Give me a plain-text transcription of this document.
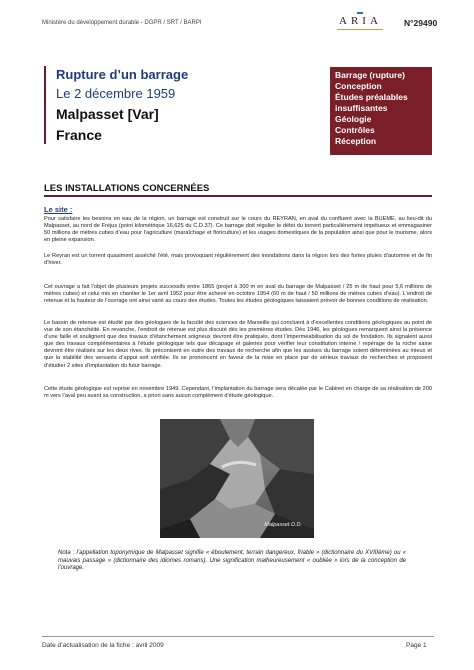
Ministère du développement durable - DGPR / SRT / BARPI	ARIA	N°29490
Rupture d’un barrage
Le 2 décembre 1959
Malpasset [Var]
France
Barrage (rupture)
Conception
Études préalables
insuffisantes
Géologie
Contrôles
Réception
LES INSTALLATIONS CONCERNÉES
Le site :

Pour satisfaire les besoins en eau de la région, un barrage est construit sur le cours du REYRAN, en aval du confluent avec la BUEME, au lieu-dit du Malpasset, au nord de Fréjus (point kilométrique 16,625 du C.D.37). Ce barrage doit régulier le débit du torrent particulièrement impétueux et emmagasiner 50 millions de mètres cubes d’eau pour l’agriculture (maraîchage et floriculture) et les usages domestiques de la population ainsi que pour le tourisme, alors en pleine expansion.

Le Reyran est un torrent quasiment asséché l’été, mais provoquant régulièrement des inondations dans la région lors des fortes pluies d’automne et de fin d’hiver.

Cet ouvrage a fait l’objet de plusieurs projets successifs entre 1865 (projet à 300 m en aval du barrage de Malpasset / 25 m de haut pour 5,6 millions de mètres cubes) et celui mis en chantier le 1er avril 1952 pour être achevé en octobre 1954 (60 m de haut / 50 millions de mètres cubes d’eau). L’endroit de retenue et la hauteur de l’ouvrage ont ainsi varié au cours des études. Toutes les études géologiques laissaient prévoir de bonnes conditions de réalisation.

Le bassin de retenue est étudié par des géologues de la faculté des sciences de Marseille qui concluent à d’excellentes conditions géologiques au point de vue de son étanchéité. En revanche, l’endroit de retenue est plus discuté dès les premières études. Dès 1946, les géologues remarquent ainsi la présence d’une faille et soulignent que des travaux d’étanchement soigneux devront être pratiqués, dont l’imperméabilisation du sol de fondation. Ils signalent aussi que des travaux complémentaires à l’étude géologique tels que décapage et galeries pour vérifier leur constitution interne / repérage de la roche saine devront être réalisés sur les deux rives. Ils préconisent en outre des travaux de recherche afin que les assises du barrage soient déterminées au mieux et que la stabilité des versants d’appui soit vérifiée. Ils se prononcent en faveur de la mise en place par de sérieux travaux de recherches et proposent d’étudier 2 sites d’implantation du futur barrage.

Cette étude géologique est reprise en novembre 1949. Cependant, l’implantation du barrage sera décalée par le Cabinet en charge de sa réalisation de 200 m vers l’aval peu avant sa construction, a priori sans aucun complément d’étude géologique.

Malpasset D.D.

Nota : l’appellation toponymique de Malpasset signifie « éboulement, terrain dangereux, friable » (dictionnaire du XVIIIème) ou « mauvais passage » (dictionnaire des idiomes romans). Une signification malheureusement « oubliée » lors de la conception de l’ouvrage.

Date d’actualisation de la fiche : avril 2009	Page 1
